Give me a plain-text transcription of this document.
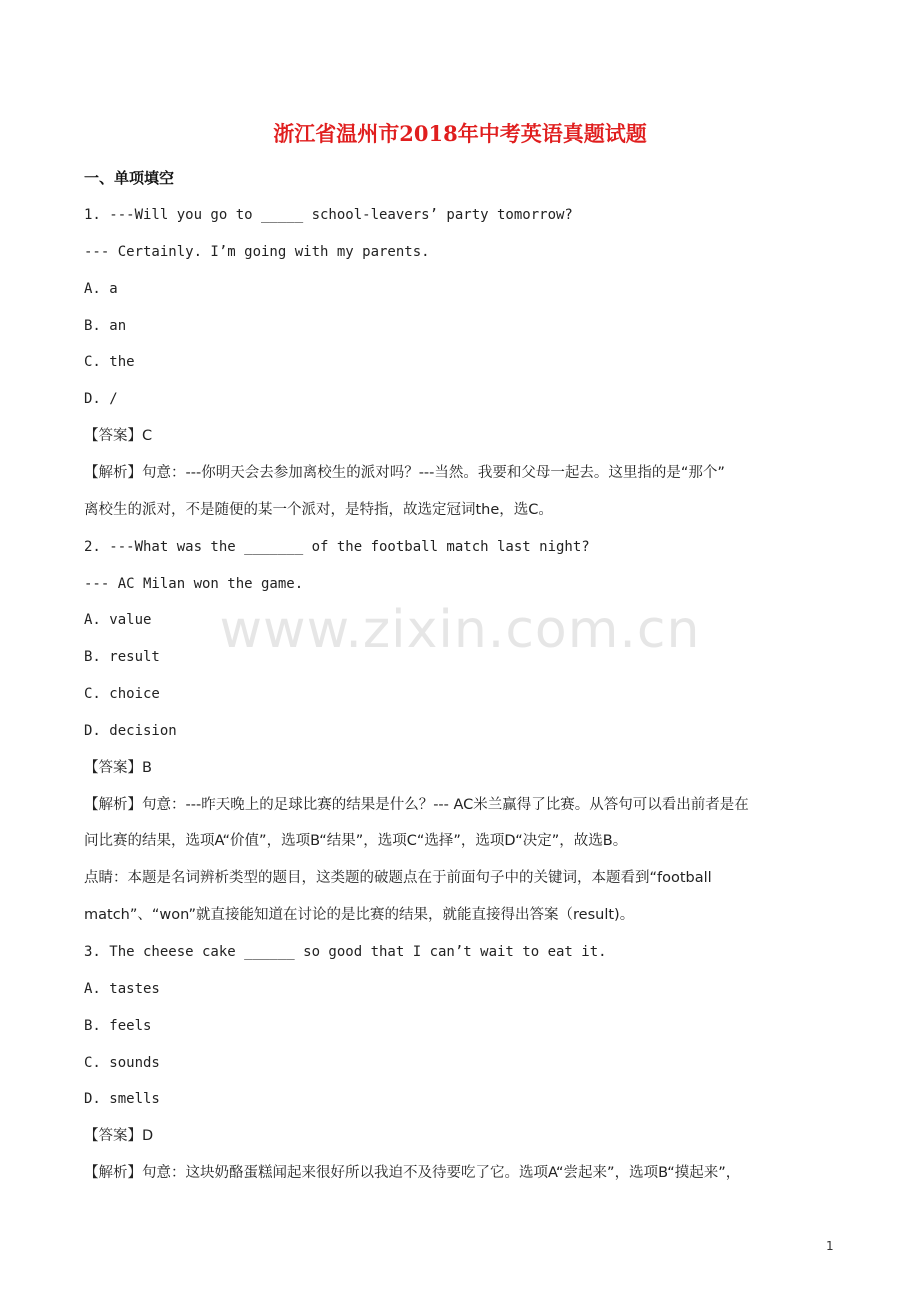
www.zixin.com.cn
浙江省温州市2018年中考英语真题试题
一、单项填空
1. ---Will you go to _____ school-leavers’ party tomorrow?
--- Certainly. I’m going with my parents.
A. a
B. an
C. the
D. /
【答案】C
【解析】句意：---你明天会去参加离校生的派对吗？---当然。我要和父母一起去。这里指的是“那个”
离校生的派对，不是随便的某一个派对，是特指，故选定冠词the，选C。
2. ---What was the _______ of the football match last night?
--- AC Milan won the game.
A. value
B. result
C. choice
D. decision
【答案】B
【解析】句意：---昨天晚上的足球比赛的结果是什么？--- AC米兰赢得了比赛。从答句可以看出前者是在
问比赛的结果，选项A“价值”，选项B“结果”，选项C“选择”，选项D“决定”，故选B。
点睛：本题是名词辨析类型的题目，这类题的破题点在于前面句子中的关键词，本题看到“football
match”、“won”就直接能知道在讨论的是比赛的结果，就能直接得出答案（result)。
3. The cheese cake ______ so good that I can’t wait to eat it.
A. tastes
B. feels
C. sounds
D. smells
【答案】D
【解析】句意：这块奶酪蛋糕闻起来很好所以我迫不及待要吃了它。选项A“尝起来”，选项B“摸起来”，
1
